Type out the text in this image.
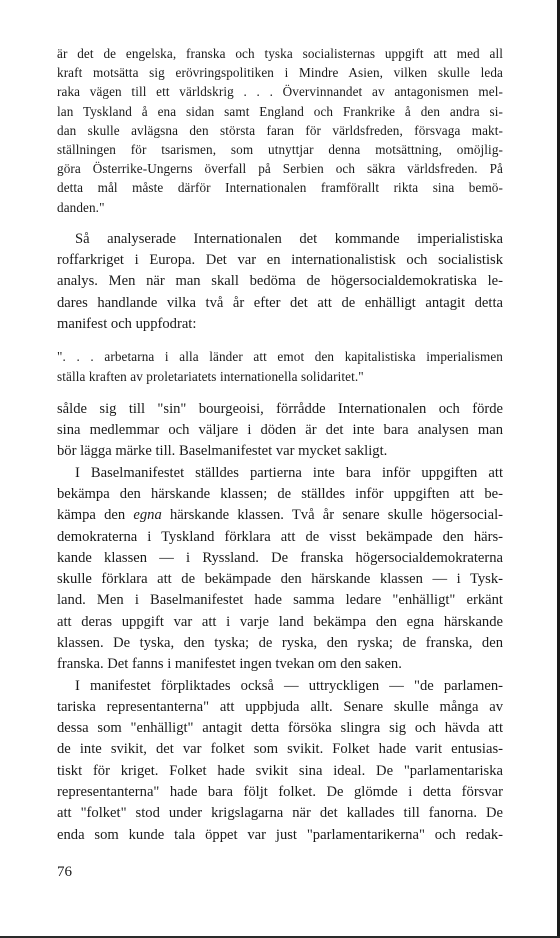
är det de engelska, franska och tyska socialisternas uppgift att med all
kraft motsätta sig erövringspolitiken i Mindre Asien, vilken skulle leda
raka vägen till ett världskrig . . . Övervinnandet av antagonismen mel-
lan Tyskland å ena sidan samt England och Frankrike å den andra si-
dan skulle avlägsna den största faran för världsfreden, försvaga makt-
ställningen för tsarismen, som utnyttjar denna motsättning, omöjlig-
göra Österrike-Ungerns överfall på Serbien och säkra världsfreden. På
detta mål måste därför Internationalen framförallt rikta sina bemö-
danden."
Så analyserade Internationalen det kommande imperialistiska
roffarkriget i Europa. Det var en internationalistisk och socialistisk
analys. Men när man skall bedöma de högersocialdemokratiska le-
dares handlande vilka två år efter det att de enhälligt antagit detta
manifest och uppfodrat:
". . . arbetarna i alla länder att emot den kapitalistiska imperialismen
ställa kraften av proletariatets internationella solidaritet."
sålde sig till "sin" bourgeoisi, förrådde Internationalen och förde
sina medlemmar och väljare i döden är det inte bara analysen man
bör lägga märke till. Baselmanifestet var mycket sakligt.
I Baselmanifestet ställdes partierna inte bara inför uppgiften att
bekämpa den härskande klassen; de ställdes inför uppgiften att be-
kämpa den egna härskande klassen. Två år senare skulle högersocial-
demokraterna i Tyskland förklara att de visst bekämpade den härs-
kande klassen — i Ryssland. De franska högersocialdemokraterna
skulle förklara att de bekämpade den härskande klassen — i Tysk-
land. Men i Baselmanifestet hade samma ledare "enhälligt" erkänt
att deras uppgift var att i varje land bekämpa den egna härskande
klassen. De tyska, den tyska; de ryska, den ryska; de franska, den
franska. Det fanns i manifestet ingen tvekan om den saken.
I manifestet förpliktades också — uttryckligen — "de parlamen-
tariska representanterna" att uppbjuda allt. Senare skulle många av
dessa som "enhälligt" antagit detta försöka slingra sig och hävda att
de inte svikit, det var folket som svikit. Folket hade varit entusias-
tiskt för kriget. Folket hade svikit sina ideal. De "parlamentariska
representanterna" hade bara följt folket. De glömde i detta försvar
att "folket" stod under krigslagarna när det kallades till fanorna. De
enda som kunde tala öppet var just "parlamentarikerna" och redak-
76
